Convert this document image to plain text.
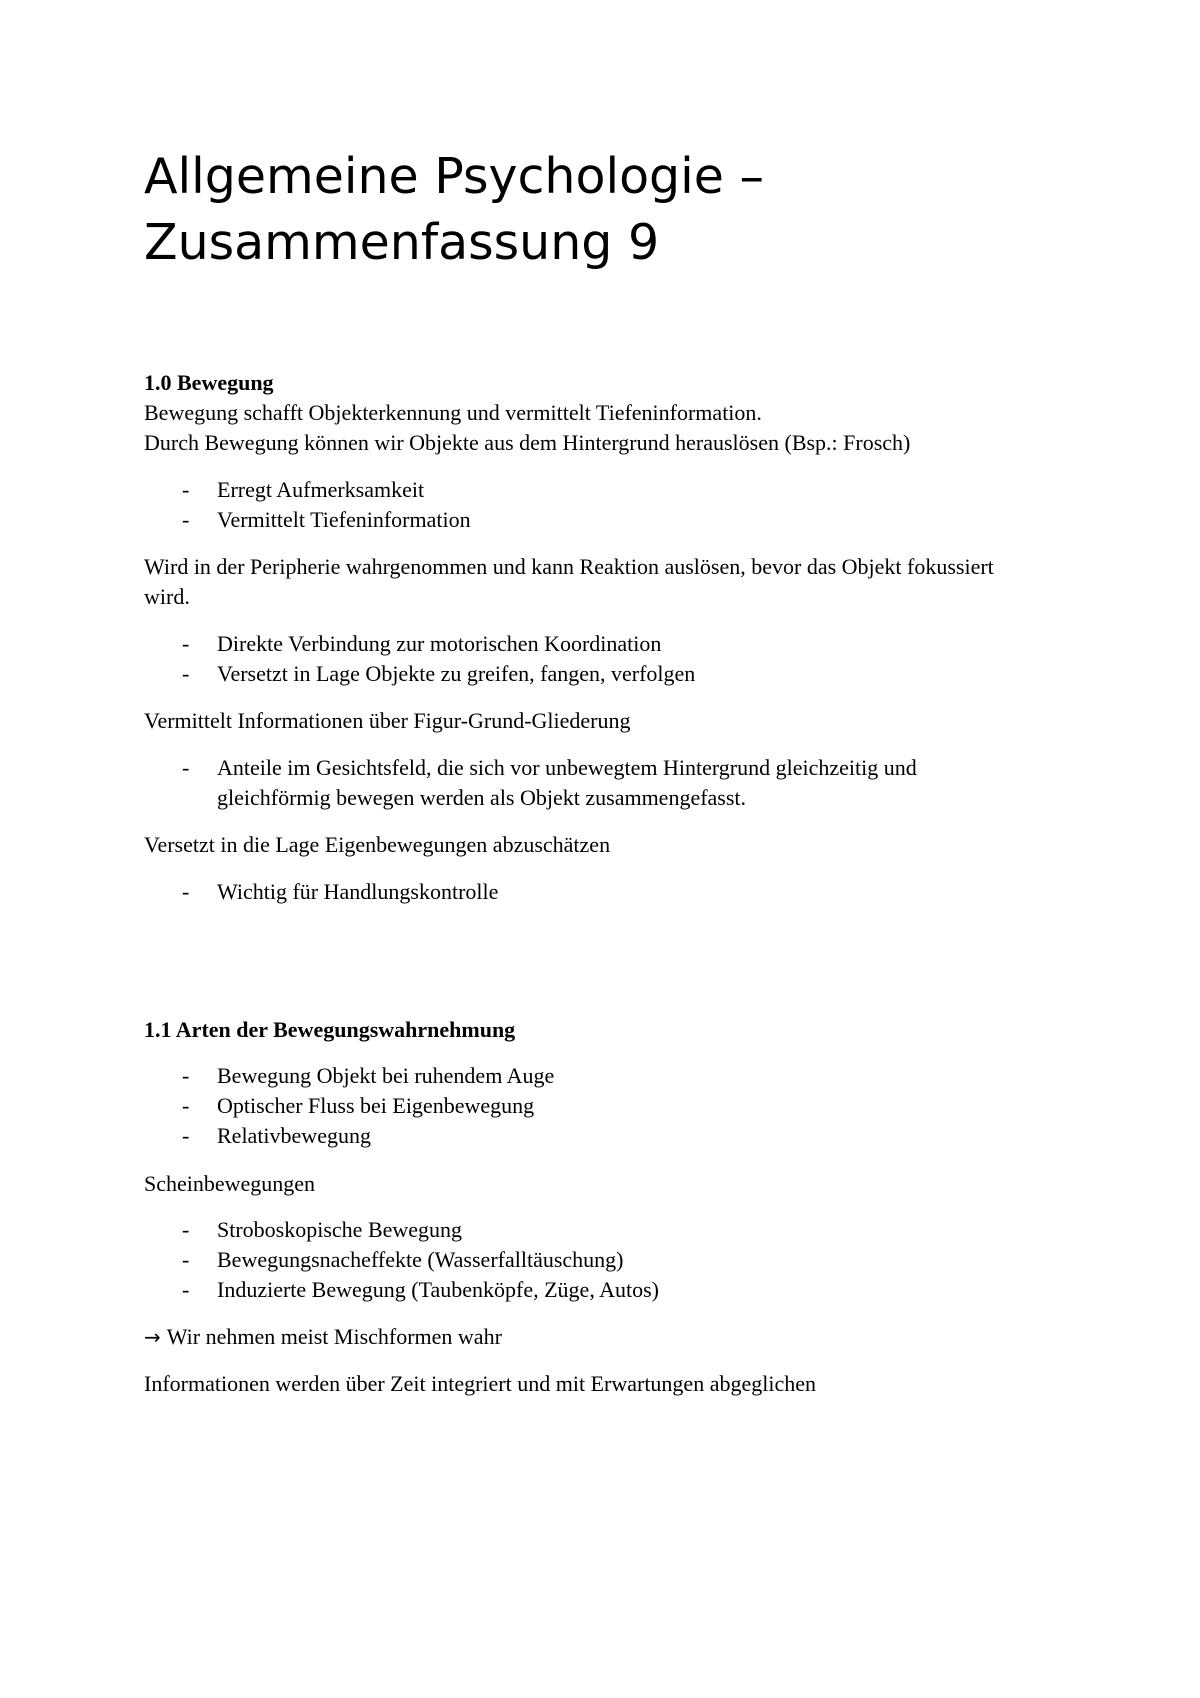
Allgemeine Psychologie –
Zusammenfassung 9
1.0 Bewegung
Bewegung schafft Objekterkennung und vermittelt Tiefeninformation.
Durch Bewegung können wir Objekte aus dem Hintergrund herauslösen (Bsp.: Frosch)
- Erregt Aufmerksamkeit
- Vermittelt Tiefeninformation
Wird in der Peripherie wahrgenommen und kann Reaktion auslösen, bevor das Objekt fokussiert wird.
- Direkte Verbindung zur motorischen Koordination
- Versetzt in Lage Objekte zu greifen, fangen, verfolgen
Vermittelt Informationen über Figur-Grund-Gliederung
- Anteile im Gesichtsfeld, die sich vor unbewegtem Hintergrund gleichzeitig und gleichförmig bewegen werden als Objekt zusammengefasst.
Versetzt in die Lage Eigenbewegungen abzuschätzen
- Wichtig für Handlungskontrolle
1.1 Arten der Bewegungswahrnehmung
- Bewegung Objekt bei ruhendem Auge
- Optischer Fluss bei Eigenbewegung
- Relativbewegung
Scheinbewegungen
- Stroboskopische Bewegung
- Bewegungsnacheffekte (Wasserfalltäuschung)
- Induzierte Bewegung (Taubenköpfe, Züge, Autos)
→ Wir nehmen meist Mischformen wahr
Informationen werden über Zeit integriert und mit Erwartungen abgeglichen
